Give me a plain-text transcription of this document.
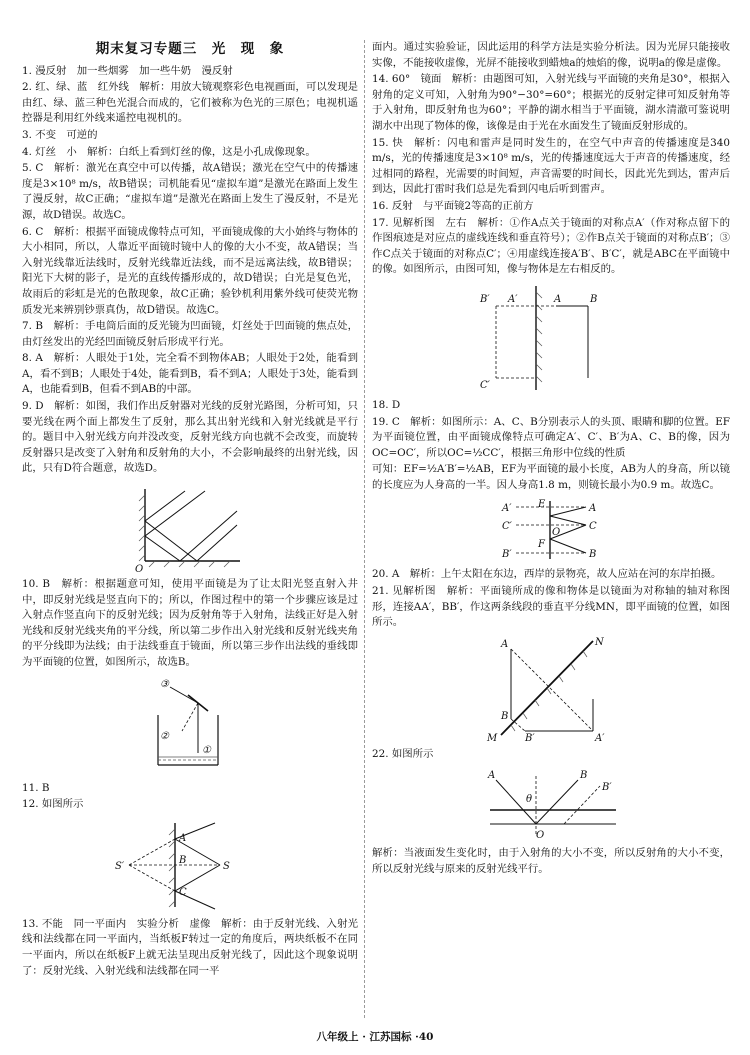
期末复习专题三　光　现　象

1. 漫反射　加一些烟雾　加一些牛奶　漫反射

2. 红、绿、蓝　红外线　解析：用放大镜观察彩色电视画面，可以发现是由红、绿、蓝三种色光混合而成的，它们被称为色光的三原色；电视机遥控器是利用红外线来遥控电视机的。

3. 不变　可逆的

4. 灯丝　小　解析：白纸上看到灯丝的像，这是小孔成像现象。

5. C　解析：激光在真空中可以传播，故A错误；激光在空气中的传播速度是3×10⁸ m/s，故B错误；司机能看见“虚拟车道”是激光在路面上发生了漫反射，故C正确；“虚拟车道”是激光在路面上发生了漫反射，不是光源，故D错误。故选C。

6. C　解析：根据平面镜成像特点可知，平面镜成像的大小始终与物体的大小相同，所以，人靠近平面镜时镜中人的像的大小不变，故A错误；当入射光线靠近法线时，反射光线靠近法线，而不是远离法线，故B错误；阳光下大树的影子，是光的直线传播形成的，故D错误；白光是复色光，故雨后的彩虹是光的色散现象，故C正确；验钞机利用紫外线可使荧光物质发光来辨别钞票真伪，故D错误。故选C。

7. B　解析：手电筒后面的反光镜为凹面镜，灯丝处于凹面镜的焦点处，由灯丝发出的光经凹面镜反射后形成平行光。

8. A　解析：人眼处于1处，完全看不到物体AB；人眼处于2处，能看到A，看不到B；人眼处于4处，能看到B，看不到A；人眼处于3处，能看到A，也能看到B，但看不到AB的中部。

9. D　解析：如图，我们作出反射器对光线的反射光路图，分析可知，只要光线在两个面上都发生了反射，那么其出射光线和入射光线就是平行的。题目中入射光线方向并没改变，反射光线方向也就不会改变，而旋转反射器只是改变了入射角和反射角的大小，不会影响最终的出射光线，因此，只有D符合题意，故选D。

O

10. B　解析：根据题意可知，使用平面镜是为了让太阳光竖直射入井中，即反射光线是竖直向下的；所以，作图过程中的第一个步骤应该是过入射点作竖直向下的反射光线；因为反射角等于入射角，法线正好是入射光线和反射光线夹角的平分线，所以第二步作出入射光线和反射光线夹角的平分线即为法线；由于法线垂直于镜面，所以第三步作出法线的垂线即为平面镜的位置，如图所示，故选B。

③
②
①

11. B

12. 如图所示

A
B
C
S
S′

13. 不能　同一平面内　实验分析　虚像　解析：由于反射光线、入射光线和法线都在同一平面内，当纸板F转过一定的角度后，两块纸板不在同一平面内，所以在纸板F上就无法呈现出反射光线了，因此这个现象说明了：反射光线、入射光线和法线都在同一平

面内。通过实验验证，因此运用的科学方法是实验分析法。因为光屏只能接收实像，不能接收虚像，光屏不能接收到蜡烛a的烛焰的像，说明a的像是虚像。

14. 60°　镜面　解析：由题图可知，入射光线与平面镜的夹角是30°，根据入射角的定义可知，入射角为90°−30°=60°；根据光的反射定律可知反射角等于入射角，即反射角也为60°；平静的湖水相当于平面镜，湖水清澈可鉴说明湖水中出现了物体的像，该像是由于光在水面发生了镜面反射形成的。

15. 快　解析：闪电和雷声是同时发生的，在空气中声音的传播速度是340 m/s，光的传播速度是3×10⁸ m/s，光的传播速度远大于声音的传播速度，经过相同的路程，光需要的时间短，声音需要的时间长，因此光先到达，雷声后到达，因此打雷时我们总是先看到闪电后听到雷声。

16. 反射　与平面镜2等高的正前方

17. 见解析图　左右　解析：①作A点关于镜面的对称点A′（作对称点留下的作图痕迹是对应点的虚线连线和垂直符号）；②作B点关于镜面的对称点B′；③作C点关于镜面的对称点C′；④用虚线连接A′B′、B′C′，就是ABC在平面镜中的像。如图所示，由图可知，像与物体是左右相反的。

B′ A′	A	B
C′

18. D

19. C　解析：如图所示：A、C、B分别表示人的头顶、眼睛和脚的位置。EF为平面镜位置，由平面镜成像特点可确定A′、C′、B′为A、C、B的像，因为OC=OC′，所以OC=½CC′，根据三角形中位线的性质

可知：EF=½A′B′=½AB，EF为平面镜的最小长度，AB为人的身高，所以镜的长度应为人身高的一半。因人身高1.8 m，则镜长最小为0.9 m。故选C。

A′
C′
B′
A
C
B
E
F
O

20. A　解析：上午太阳在东边，西岸的景物亮，故人应站在河的东岸拍摄。

21. 见解析图　解析：平面镜所成的像和物体是以镜面为对称轴的轴对称图形，连接AA′，BB′，作这两条线段的垂直平分线MN，即平面镜的位置，如图所示。

A
B
M	B′	A′
N

22. 如图所示

A	B
B′
O
θ

解析：当液面发生变化时，由于入射角的大小不变，所以反射角的大小不变，所以反射光线与原来的反射光线平行。

八年级上 · 江苏国标 ·40
